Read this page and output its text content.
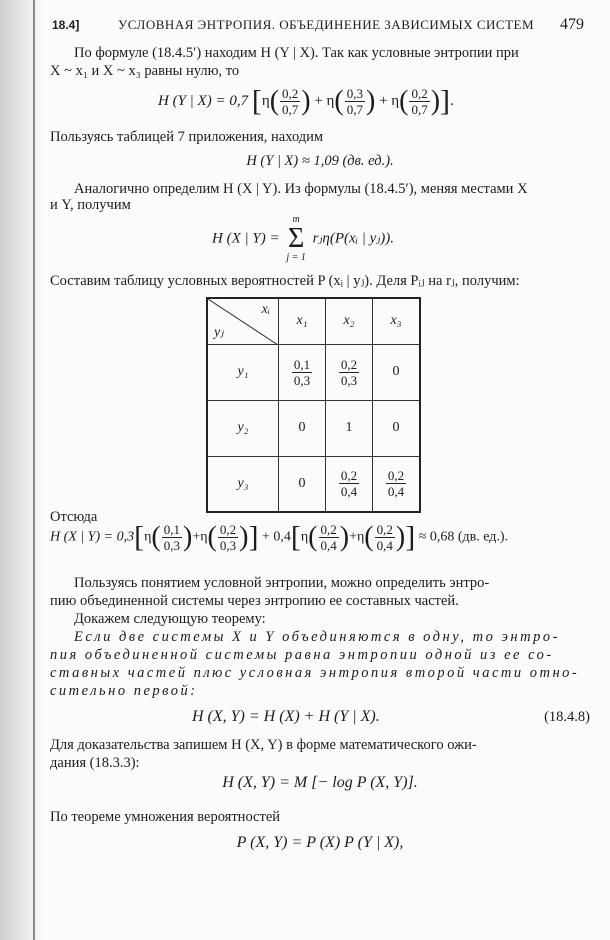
18.4]	УСЛОВНАЯ ЭНТРОПИЯ. ОБЪЕДИНЕНИЕ ЗАВИСИМЫХ СИСТЕМ 479
По формуле (18.4.5′) находим H (Y | X). Так как условные энтропии при
X ~ x₁ и X ~ x₃ равны нулю, то
H (Y | X) = 0,7 [$\eta( \frac{0,2}{0,7}$ ) + $\eta( \frac{0,3}{0,7}$ ) + $\eta( \frac{0,2}{0,7}$ )].
Пользуясь таблицей 7 приложения, находим
H (Y | X) ≈ 1,09 (дв. ед.).
Аналогично определим H (X | Y). Из формулы (18.4.5′), меняя местами X
и Y, получим
H (X | Y) =
m
Σ
j = 1
rⱼη(P(xᵢ | yⱼ)).
Составим таблицу условных вероятностей P (xᵢ | yⱼ). Деля Pᵢⱼ на rⱼ, получим:
xᵢ
yⱼ	x₁	x₂	x₃
y₁	$\frac{0,1}{0,3}$	$\frac{0,2}{0,3}$	0
y₂	0	1	0
y₃	0	$\frac{0,2}{0,4}$	$\frac{0,2}{0,4}$
Отсюда
H (X | $Y) = 0,3[\eta( \frac{0,1}{0,3} )+\eta( \frac{0,2}{0,3}$ )] + $0,4[\eta( \frac{0,2}{0,4} )+\eta( \frac{0,2}{0,4}$ )] ≈ 0,68 (дв. ед.).
Пользуясь понятием условной энтропии, можно определить энтро-
пию объединенной системы через энтропию ее составных частей.
Докажем следующую теорему:
Если две системы X и Y объединяются в одну, то энтро-
пия объединенной системы равна энтропии одной из ее со-
ставных частей плюс условная энтропия второй части отно-
сительно первой:
H (X, Y) = H (X) + H (Y | X).	(18.4.8)
Для доказательства запишем H (X, Y) в форме математического ожи-
дания (18.3.3):
H (X, Y) = M [− log P (X, Y)].
По теореме умножения вероятностей
P (X, Y) = P (X) P (Y | X),
